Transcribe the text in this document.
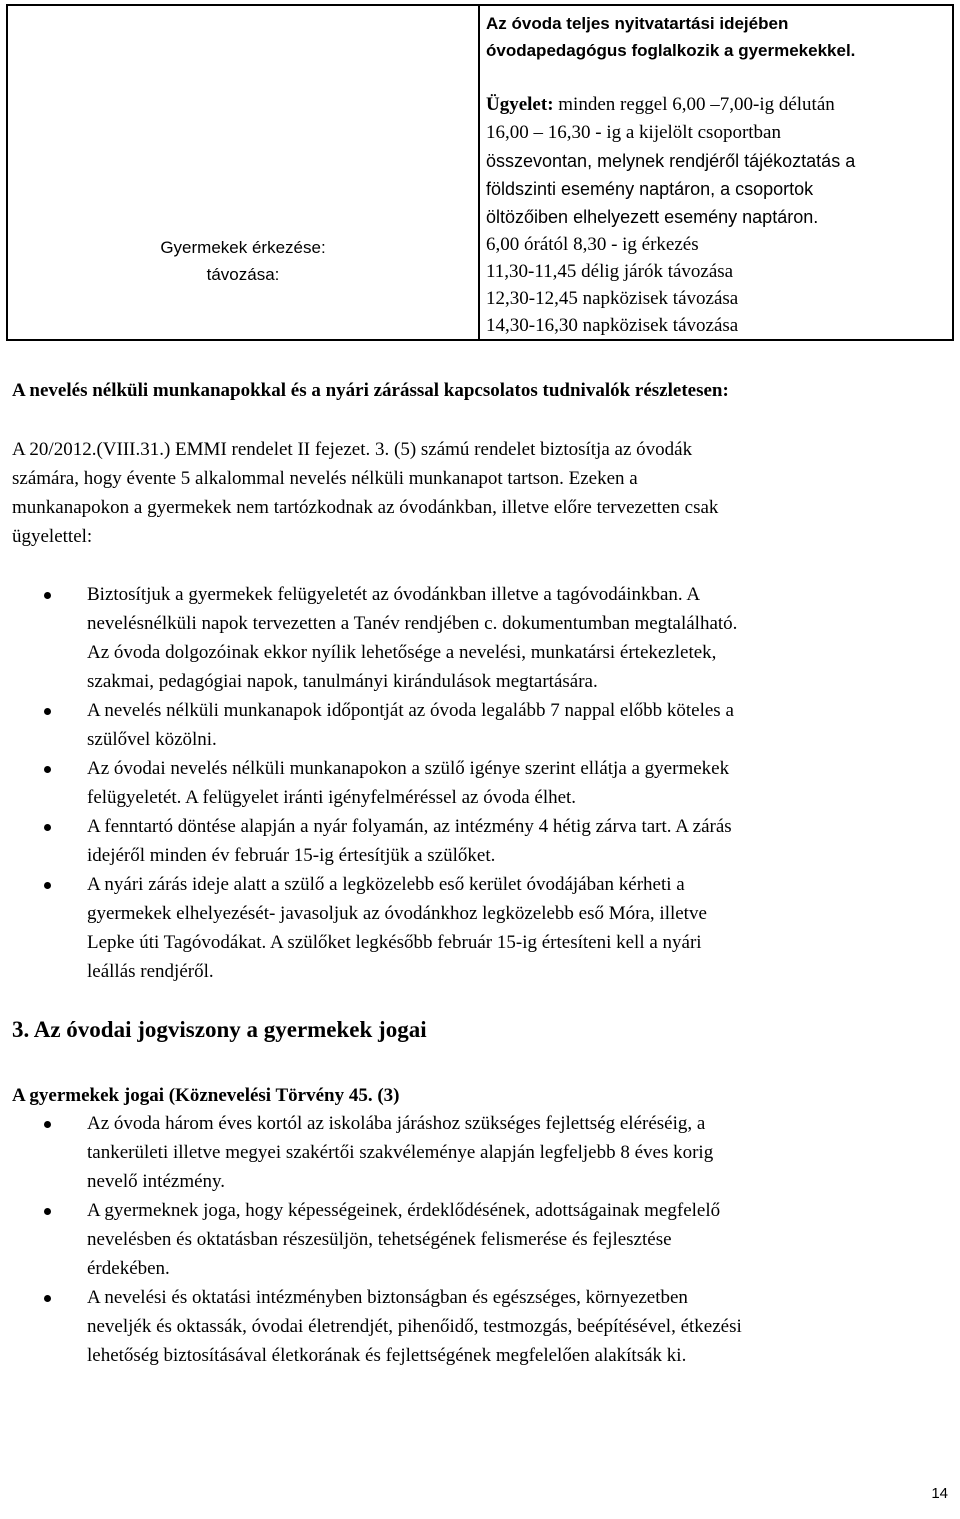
Gyermekek érkezése:
távozása:

Az óvoda teljes nyitvatartási idejében
óvodapedagógus foglalkozik a gyermekekkel.
Ügyelet: minden reggel 6,00 –7,00-ig délután
16,00 – 16,30 - ig a kijelölt csoportban
összevontan, melynek rendjéről tájékoztatás a
földszinti esemény naptáron, a csoportok
öltözőiben elhelyezett esemény naptáron.
6,00 órától 8,30 - ig érkezés
11,30-11,45 délig járók távozása
12,30-12,45 napközisek távozása
14,30-16,30 napközisek távozása

A nevelés nélküli munkanapokkal és a nyári zárással kapcsolatos tudnivalók részletesen:

A 20/2012.(VIII.31.) EMMI rendelet II fejezet. 3. (5) számú rendelet biztosítja az óvodák
számára, hogy évente 5 alkalommal nevelés nélküli munkanapot tartson. Ezeken a
munkanapokon a gyermekek nem tartózkodnak az óvodánkban, illetve előre tervezetten csak
ügyelettel:
Biztosítjuk a gyermekek felügyeletét az óvodánkban illetve a tagóvodáinkban. A
nevelésnélküli napok tervezetten a Tanév rendjében c. dokumentumban megtalálható.
Az óvoda dolgozóinak ekkor nyílik lehetősége a nevelési, munkatársi értekezletek,
szakmai, pedagógiai napok, tanulmányi kirándulások megtartására.
A nevelés nélküli munkanapok időpontját az óvoda legalább 7 nappal előbb köteles a
szülővel közölni.
Az óvodai nevelés nélküli munkanapokon a szülő igénye szerint ellátja a gyermekek
felügyeletét. A felügyelet iránti igényfelméréssel az óvoda élhet.
A fenntartó döntése alapján a nyár folyamán, az intézmény 4 hétig zárva tart. A zárás
idejéről minden év február 15-ig értesítjük a szülőket.
A nyári zárás ideje alatt a szülő a legközelebb eső kerület óvodájában kérheti a
gyermekek elhelyezését- javasoljuk az óvodánkhoz legközelebb eső Móra, illetve
Lepke úti Tagóvodákat. A szülőket legkésőbb február 15-ig értesíteni kell a nyári
leállás rendjéről.
3. Az óvodai jogviszony a gyermekek jogai

A gyermekek jogai (Köznevelési Törvény 45. (3)

Az óvoda három éves kortól az iskolába járáshoz szükséges fejlettség eléréséig, a
tankerületi illetve megyei szakértői szakvéleménye alapján legfeljebb 8 éves korig
nevelő intézmény.
A gyermeknek joga, hogy képességeinek, érdeklődésének, adottságainak megfelelő
nevelésben és oktatásban részesüljön, tehetségének felismerése és fejlesztése
érdekében.
A nevelési és oktatási intézményben biztonságban és egészséges, környezetben
neveljék és oktassák, óvodai életrendjét, pihenőidő, testmozgás, beépítésével, étkezési
lehetőség biztosításával életkorának és fejlettségének megfelelően alakítsák ki.
14
